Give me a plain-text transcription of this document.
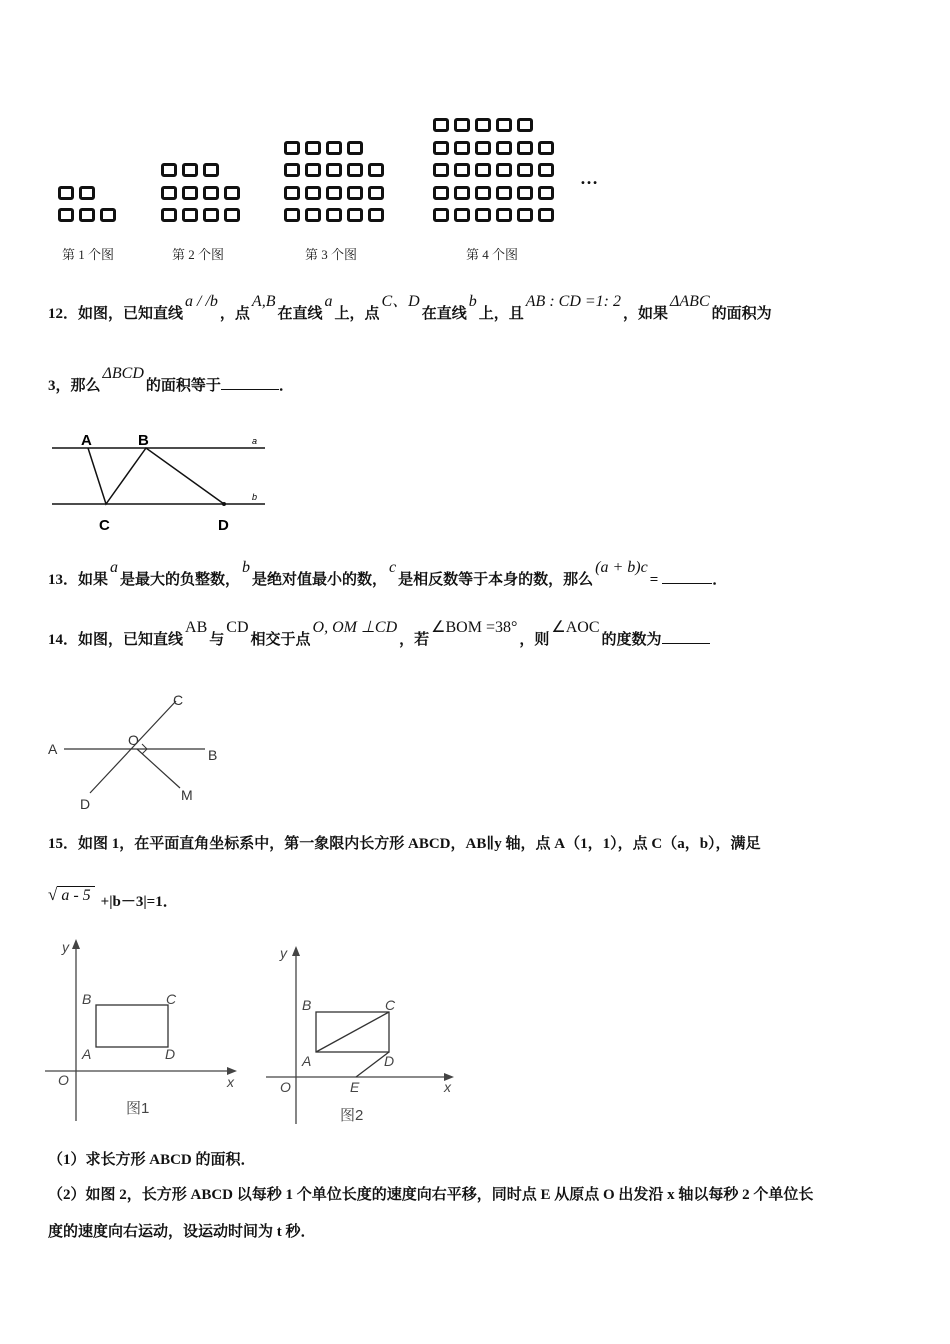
第 1 个图	第 2 个图	第 3 个图	第 4 个图
…
12．如图，已知直线a / /b，点A,B在直线a上，点C、D在直线b上，且AB : CD =1: 2，如果ΔABC的面积为
3，那么ΔBCD的面积等于	．
A	B
C	D
a
b
13．如果a是最大的负整数，b是绝对值最小的数，c是相反数等于本身的数，那么(a + b)c=	．
14．如图，已知直线AB与CD相交于点O, OM ⊥CD，若∠BOM =38°，则∠AOC的度数为
A	B
C
D
O
M
15．如图 1，在平面直角坐标系中，第一象限内长方形 ABCD，AB∥y 轴，点 A（1，1），点 C（a，b），满足
√ a - 5 +|b－3|=1．
y
x
O
A
B	C
D
图1
y
x
O
A
B	C
D
E
图2
（1）求长方形 ABCD 的面积．
（2）如图 2，长方形 ABCD 以每秒 1 个单位长度的速度向右平移，同时点 E 从原点 O 出发沿 x 轴以每秒 2 个单位长
度的速度向右运动，设运动时间为 t 秒．
